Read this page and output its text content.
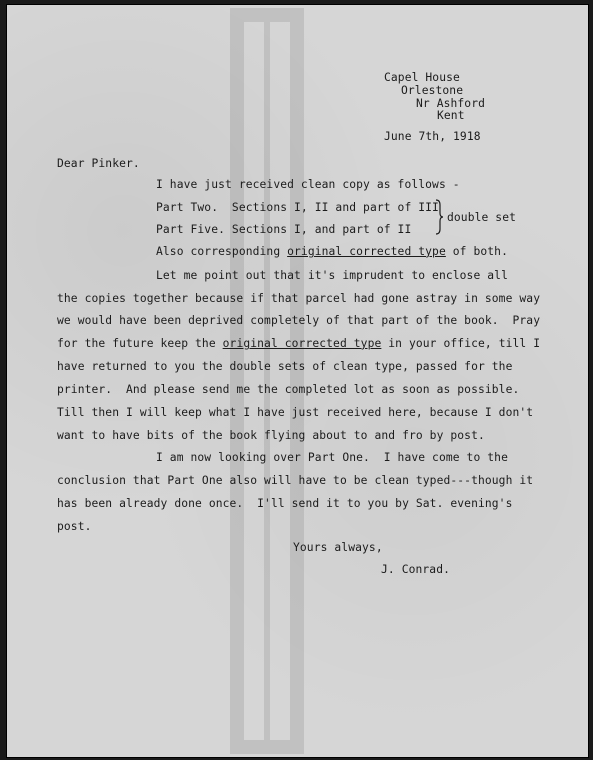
Capel House
Orlestone
Nr Ashford
Kent
June 7th, 1918
Dear Pinker.
I have just received clean copy as follows -
Part Two.  Sections I, II and part of III
Part Five. Sections I, and part of II
double set
Also corresponding original corrected type of both.
Let me point out that it's imprudent to enclose all
the copies together because if that parcel had gone astray in some way
we would have been deprived completely of that part of the book.  Pray
for the future keep the original corrected type in your office, till I
have returned to you the double sets of clean type, passed for the
printer.  And please send me the completed lot as soon as possible.
Till then I will keep what I have just received here, because I don't
want to have bits of the book flying about to and fro by post.
I am now looking over Part One.  I have come to the
conclusion that Part One also will have to be clean typed---though it
has been already done once.  I'll send it to you by Sat. evening's
post.
Yours always,
J. Conrad.
